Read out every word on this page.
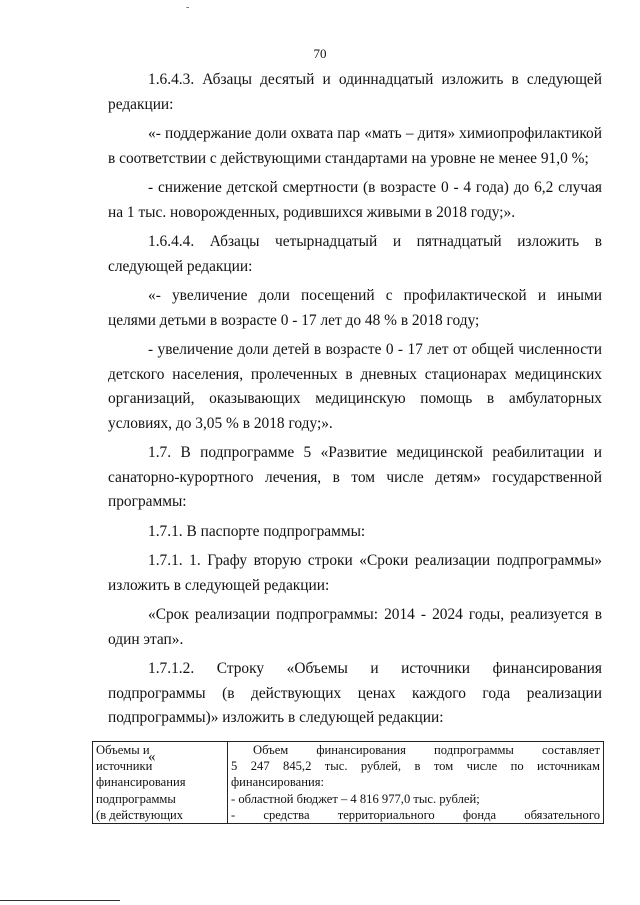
-
70

1.6.4.3. Абзацы десятый и одиннадцатый изложить в следующей редакции:

«- поддержание доли охвата пар «мать – дитя» химиопрофилактикой в соответствии с действующими стандартами на уровне не менее 91,0 %;

- снижение детской смертности (в возрасте 0 - 4 года) до 6,2 случая на 1 тыс. новорожденных, родившихся живыми в 2018 году;».

1.6.4.4. Абзацы четырнадцатый и пятнадцатый изложить в следующей редакции:

«- увеличение доли посещений с профилактической и иными целями детьми в возрасте 0 - 17 лет до 48 % в 2018 году;

- увеличение доли детей в возрасте 0 - 17 лет от общей численности детского населения, пролеченных в дневных стационарах медицинских организаций, оказывающих медицинскую помощь в амбулаторных условиях, до 3,05 % в 2018 году;».

1.7. В подпрограмме 5 «Развитие медицинской реабилитации и санаторно-курортного лечения, в том числе детям» государственной программы:

1.7.1. В паспорте подпрограммы:

1.7.1. 1. Графу вторую строки «Сроки реализации подпрограммы» изложить в следующей редакции:

«Срок реализации подпрограммы: 2014 - 2024 годы, реализуется в один этап».

1.7.1.2. Строку «Объемы и источники финансирования подпрограммы (в действующих ценах каждого года реализации подпрограммы)» изложить в следующей редакции:

«
Объемы и
источники
финансирования
подпрограммы
(в действующих

Объем финансирования подпрограммы составляет
5 247 845,2 тыс. рублей, в том числе по источникам
финансирования:
- областной бюджет – 4 816 977,0 тыс. рублей;
- средства территориального фонда обязательного
